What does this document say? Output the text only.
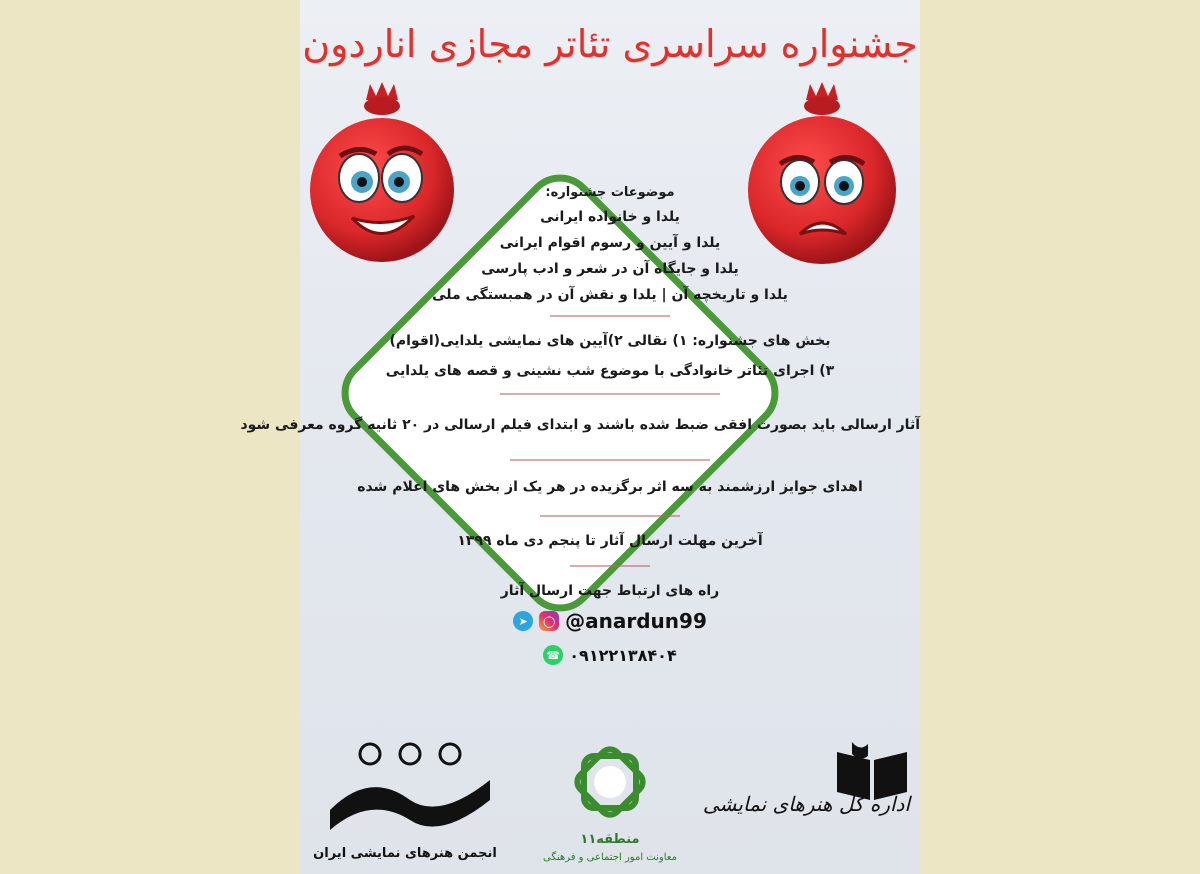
جشنواره سراسری تئاتر مجازی اناردون
موضوعات جشنواره:
یلدا و خانواده ایرانی
یلدا و آیین و رسوم اقوام ایرانی
یلدا و جایگاه آن در شعر و ادب پارسی
یلدا و تاریخچه آن | یلدا و نقش آن در همبستگی ملی
بخش های جشنواره: ۱) نقالی ۲)آیین های نمایشی یلدایی(اقوام)
۳) اجرای تئاتر خانوادگی با موضوع شب نشینی و قصه های یلدایی
آثار ارسالی باید بصورت افقی ضبط شده باشند و ابتدای فیلم ارسالی در ۲۰ ثانیه گروه معرفی شود
اهدای جوایز ارزشمند به سه اثر برگزیده در هر یک از بخش های اعلام شده
آخرین مهلت ارسال آثار تا پنجم دی ماه ۱۳۹۹
راه های ارتباط جهت ارسال آثار
➤	◯ @anardun99
☎ ۰۹۱۲۲۱۳۸۴۰۴
انجمن هنرهای نمایشی ایران
منطقه۱۱
معاونت امور اجتماعی و فرهنگی
اداره کل هنرهای نمایشی
